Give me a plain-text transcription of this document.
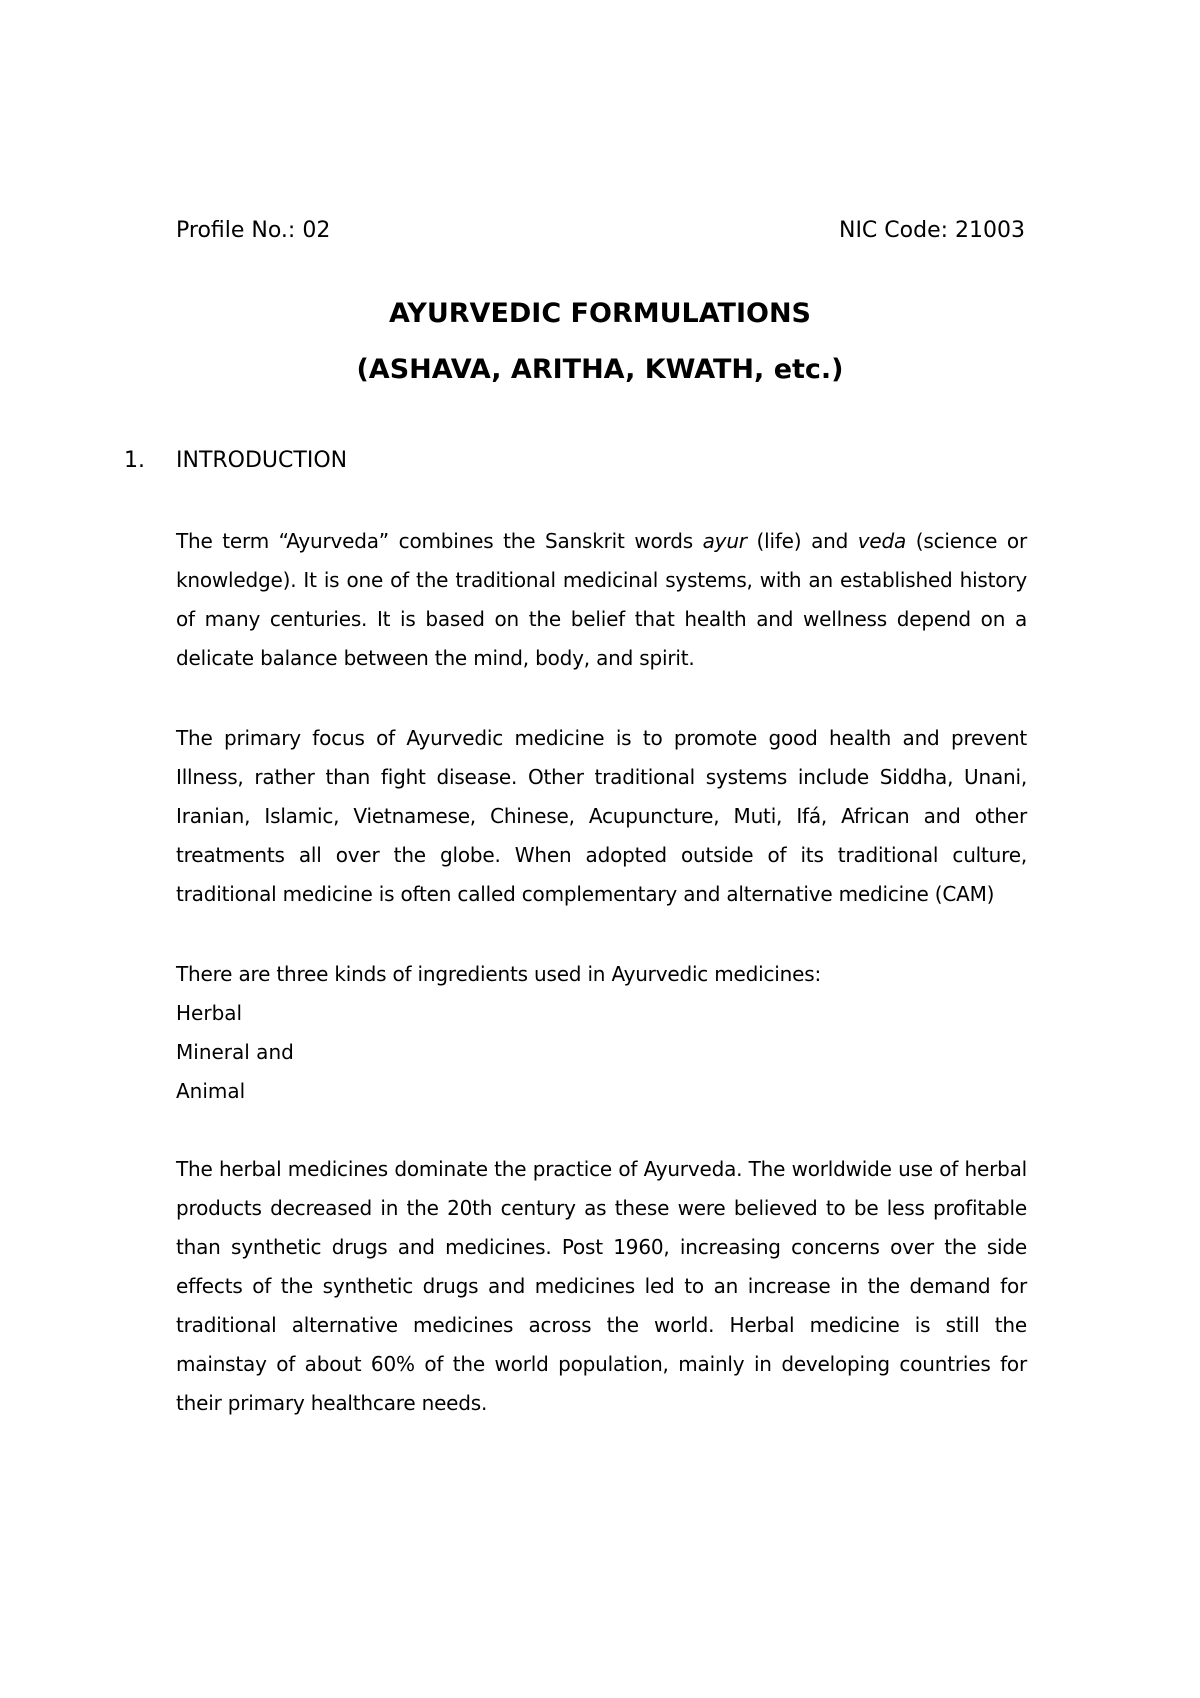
Profile No.: 02	NIC Code: 21003
AYURVEDIC FORMULATIONS
(ASHAVA, ARITHA, KWATH, etc.)
1. INTRODUCTION
The term “Ayurveda” combines the Sanskrit words ayur (life) and veda (science or knowledge). It is one of the traditional medicinal systems, with an established history of many centuries. It is based on the belief that health and wellness depend on a delicate balance between the mind, body, and spirit.
The primary focus of Ayurvedic medicine is to promote good health and prevent Illness, rather than fight disease. Other traditional systems include Siddha, Unani, Iranian, Islamic, Vietnamese, Chinese, Acupuncture, Muti, Ifá, African and other treatments all over the globe. When adopted outside of its traditional culture, traditional medicine is often called complementary and alternative medicine (CAM)
There are three kinds of ingredients used in Ayurvedic medicines:
Herbal
Mineral and
Animal
The herbal medicines dominate the practice of Ayurveda. The worldwide use of herbal products decreased in the 20th century as these were believed to be less profitable than synthetic drugs and medicines. Post 1960, increasing concerns over the side effects of the synthetic drugs and medicines led to an increase in the demand for traditional alternative medicines across the world. Herbal medicine is still the mainstay of about 60% of the world population, mainly in developing countries for their primary healthcare needs.
